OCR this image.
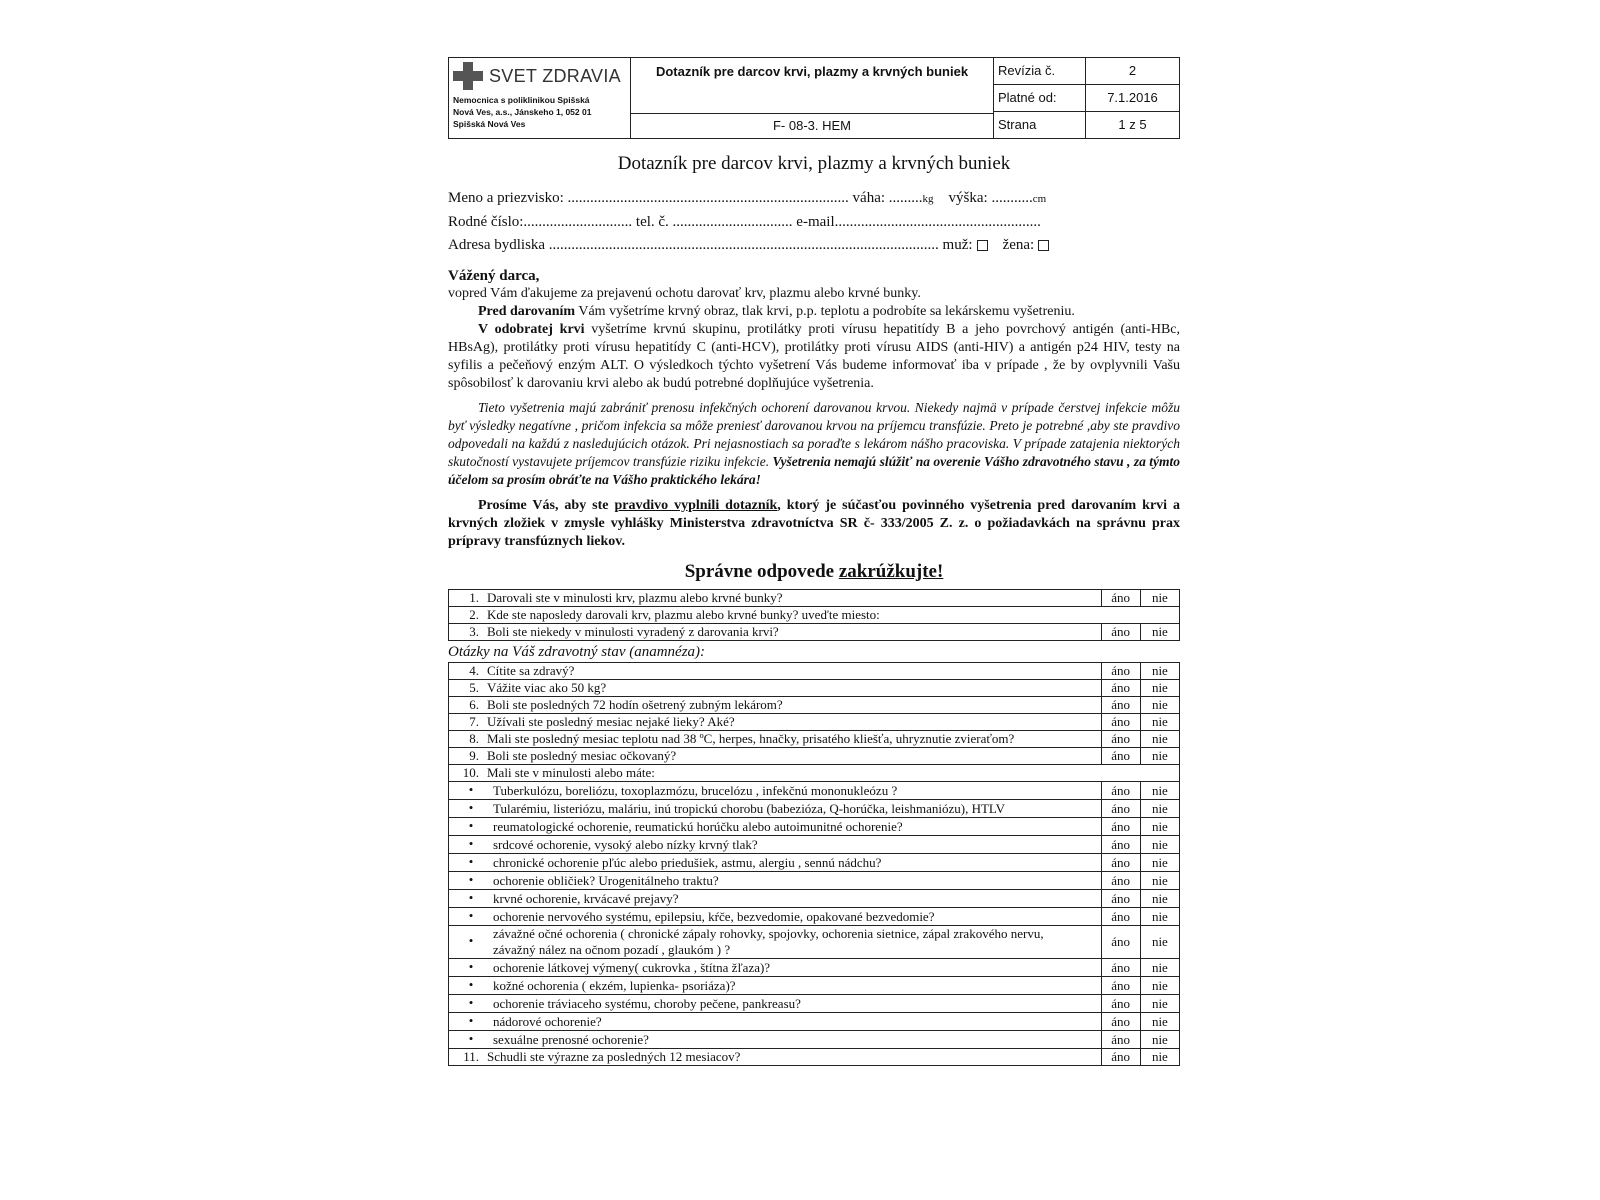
SVET ZDRAVIA
Nemocnica s poliklinikou Spišská
Nová Ves, a.s., Jánskeho 1, 052 01
Spišská Nová Ves
Dotazník pre darcov krvi, plazmy a krvných buniek
F- 08-3. HEM
Revízia č.	2
Platné od:	7.1.2016
Strana	1 z 5
Dotazník pre darcov krvi, plazmy a krvných buniek

Meno a priezvisko: ........................................................................... váha: .........kg výška: ...........cm

Rodné číslo:............................. tel. č. ................................ e-mail.......................................................

Adresa bydliska ........................................................................................................ muž: žena:

Vážený darca,

vopred Vám ďakujeme za prejavenú ochotu darovať krv, plazmu alebo krvné bunky.

Pred darovaním Vám vyšetríme krvný obraz, tlak krvi, p.p. teplotu a podrobíte sa lekárskemu vyšetreniu.

V odobratej krvi vyšetríme krvnú skupinu, protilátky proti vírusu hepatitídy B a jeho povrchový antigén (anti-HBc, HBsAg), protilátky proti vírusu hepatitídy C (anti-HCV), protilátky proti vírusu AIDS (anti-HIV) a antigén p24 HIV, testy na syfilis a pečeňový enzým ALT. O výsledkoch týchto vyšetrení Vás budeme informovať iba v prípade , že by ovplyvnili Vašu spôsobilosť k darovaniu krvi alebo ak budú potrebné doplňujúce vyšetrenia.

Tieto vyšetrenia majú zabrániť prenosu infekčných ochorení darovanou krvou. Niekedy najmä v prípade čerstvej infekcie môžu byť výsledky negatívne , pričom infekcia sa môže preniesť darovanou krvou na príjemcu transfúzie. Preto je potrebné ,aby ste pravdivo odpovedali na každú z nasledujúcich otázok. Pri nejasnostiach sa poraďte s lekárom nášho pracoviska. V prípade zatajenia niektorých skutočností vystavujete príjemcov transfúzie riziku infekcie. Vyšetrenia nemajú slúžiť na overenie Vášho zdravotného stavu , za týmto účelom sa prosím obráťte na Vášho praktického lekára!

Prosíme Vás, aby ste pravdivo vyplnili dotazník, ktorý je súčasťou povinného vyšetrenia pred darovaním krvi a krvných zložiek v zmysle vyhlášky Ministerstva zdravotníctva SR č- 333/2005 Z. z. o požiadavkách na správnu prax prípravy transfúznych liekov.

Správne odpovede zakrúžkujte!
1. Darovali ste v minulosti krv, plazmu alebo krvné bunky?	áno	nie
2. Kde ste naposledy darovali krv, plazmu alebo krvné bunky? uveďte miesto:		
3. Boli ste niekedy v minulosti vyradený z darovania krvi?	áno	nie
Otázky na Váš zdravotný stav (anamnéza):
4. Cítite sa zdravý?	áno	nie
5. Vážite viac ako 50 kg?	áno	nie
6. Boli ste posledných 72 hodín ošetrený zubným lekárom?	áno	nie
7. Užívali ste posledný mesiac nejaké lieky? Aké?	áno	nie
8. Mali ste posledný mesiac teplotu nad 38 ºC, herpes, hnačky, prisatého kliešťa, uhryznutie zvieraťom?	áno	nie
9. Boli ste posledný mesiac očkovaný?	áno	nie
10. Mali ste v minulosti alebo máte:		
• Tuberkulózu, boreliózu, toxoplazmózu, brucelózu , infekčnú mononukleózu ?	áno	nie
• Tularémiu, listeriózu, maláriu, inú tropickú chorobu (babezióza, Q-horúčka, leishmaniózu), HTLV	áno	nie
• reumatologické ochorenie, reumatickú horúčku alebo autoimunitné ochorenie?	áno	nie
• srdcové ochorenie, vysoký alebo nízky krvný tlak?	áno	nie
• chronické ochorenie pľúc alebo priedušiek, astmu, alergiu , sennú nádchu?	áno	nie
• ochorenie obličiek? Urogenitálneho traktu?	áno	nie
• krvné ochorenie, krvácavé prejavy?	áno	nie
• ochorenie nervového systému, epilepsiu, kŕče, bezvedomie, opakované bezvedomie?	áno	nie
• závažné očné ochorenia ( chronické zápaly rohovky, spojovky, ochorenia sietnice, zápal zrakového nervu, závažný nález na očnom pozadí , glaukóm ) ?	áno	nie
• ochorenie látkovej výmeny( cukrovka , štítna žľaza)?	áno	nie
• kožné ochorenia ( ekzém, lupienka- psoriáza)?	áno	nie
• ochorenie tráviaceho systému, choroby pečene, pankreasu?	áno	nie
• nádorové ochorenie?	áno	nie
• sexuálne prenosné ochorenie?	áno	nie
11. Schudli ste výrazne za posledných 12 mesiacov?	áno	nie
